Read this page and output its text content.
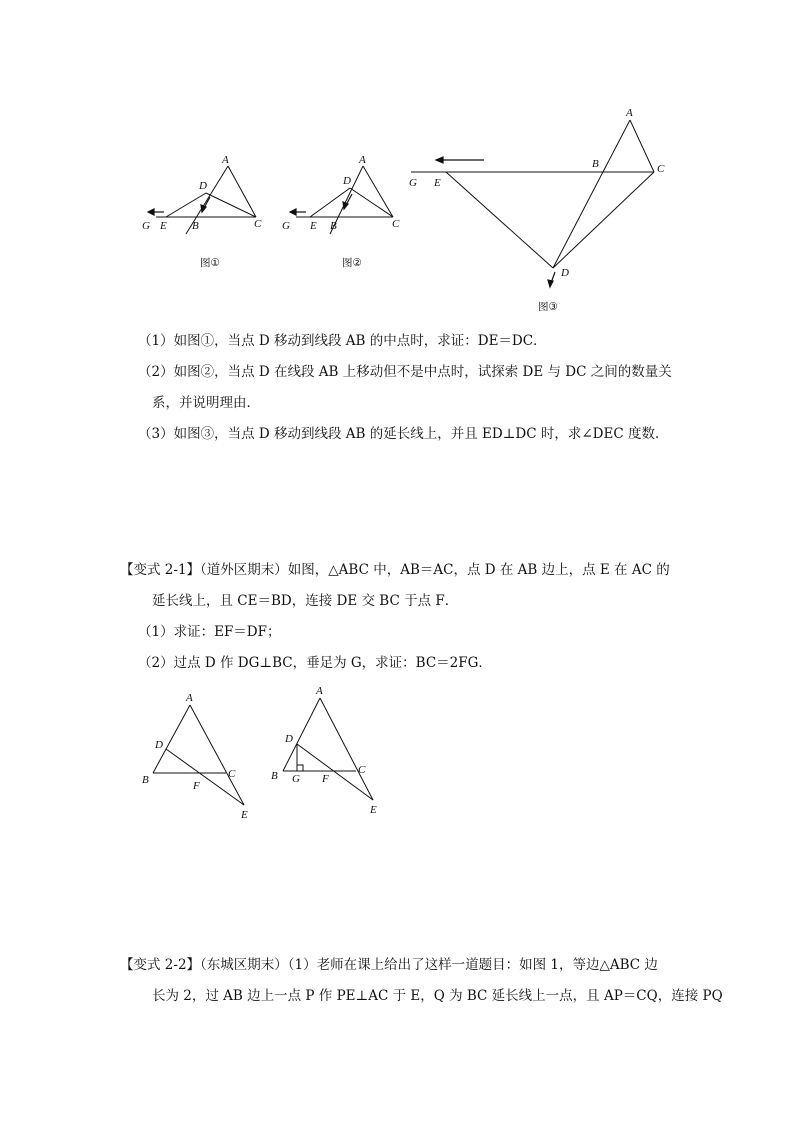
A
D
G E B	C
图①
A
D
G E B	C
图②
A
B	C
G E
D
图③
A
D
B	C
F
E
A
D
B G F
C
E
（1）如图①，当点 D 移动到线段 AB 的中点时，求证：DE＝DC．
（2）如图②，当点 D 在线段 AB 上移动但不是中点时，试探索 DE 与 DC 之间的数量关
系，并说明理由．
（3）如图③，当点 D 移动到线段 AB 的延长线上，并且 ED⊥DC 时，求∠DEC 度数．
【变式 2-1】（道外区期末）如图，△ABC 中，AB＝AC，点 D 在 AB 边上，点 E 在 AC 的
延长线上，且 CE＝BD，连接 DE 交 BC 于点 F．
（1）求证：EF＝DF；
（2）过点 D 作 DG⊥BC，垂足为 G，求证：BC＝2FG．
【变式 2-2】（东城区期末）（1）老师在课上给出了这样一道题目：如图 1，等边△ABC 边
长为 2，过 AB 边上一点 P 作 PE⊥AC 于 E，Q 为 BC 延长线上一点，且 AP＝CQ，连接 PQ
